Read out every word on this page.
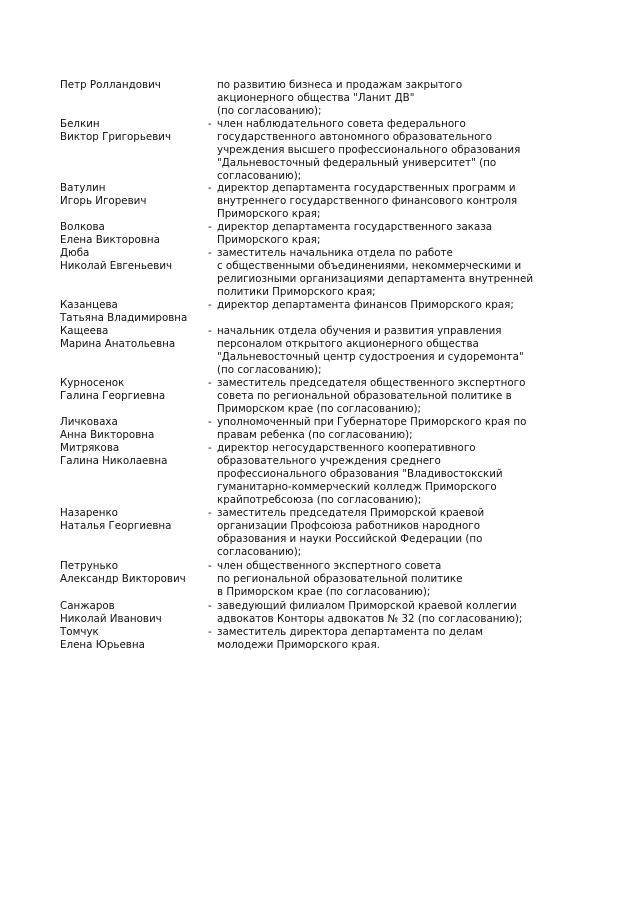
Петр Ролландович	по развитию бизнеса и продажам закрытого
акционерного общества "Ланит ДВ"
(по согласованию);
Белкин
Виктор Григорьевич
- член наблюдательного совета федерального
государственного автономного образовательного
учреждения высшего профессионального образования
"Дальневосточный федеральный университет" (по
согласованию);
Ватулин
Игорь Игоревич
- директор департамента государственных программ и
внутреннего государственного финансового контроля
Приморского края;
Волкова
Елена Викторовна
- директор департамента государственного заказа
Приморского края;
Дюба
Николай Евгеньевич
- заместитель начальника отдела по работе
с общественными объединениями, некоммерческими и
религиозными организациями департамента внутренней
политики Приморского края;
Казанцева
Татьяна Владимировна
- директор департамента финансов Приморского края;
Кащеева
Марина Анатольевна
- начальник отдела обучения и развития управления
персоналом открытого акционерного общества
"Дальневосточный центр судостроения и судоремонта"
(по согласованию);
Курносенок
Галина Георгиевна
- заместитель председателя общественного экспертного
совета по региональной образовательной политике в
Приморском крае (по согласованию);
Личковаха
Анна Викторовна
- уполномоченный при Губернаторе Приморского края по
правам ребенка (по согласованию);
Митрякова
Галина Николаевна
- директор негосударственного кооперативного
образовательного учреждения среднего
профессионального образования "Владивостокский
гуманитарно-коммерческий колледж Приморского
крайпотребсоюза (по согласованию);
Назаренко
Наталья Георгиевна
- заместитель председателя Приморской краевой
организации Профсоюза работников народного
образования и науки Российской Федерации (по
согласованию);
Петрунько
Александр Викторович
- член общественного экспертного совета
по региональной образовательной политике
в Приморском крае (по согласованию);
Санжаров
Николай Иванович
- заведующий филиалом Приморской краевой коллегии
адвокатов Конторы адвокатов № 32 (по согласованию);
Томчук
Елена Юрьевна
- заместитель директора департамента по делам
молодежи Приморского края.
